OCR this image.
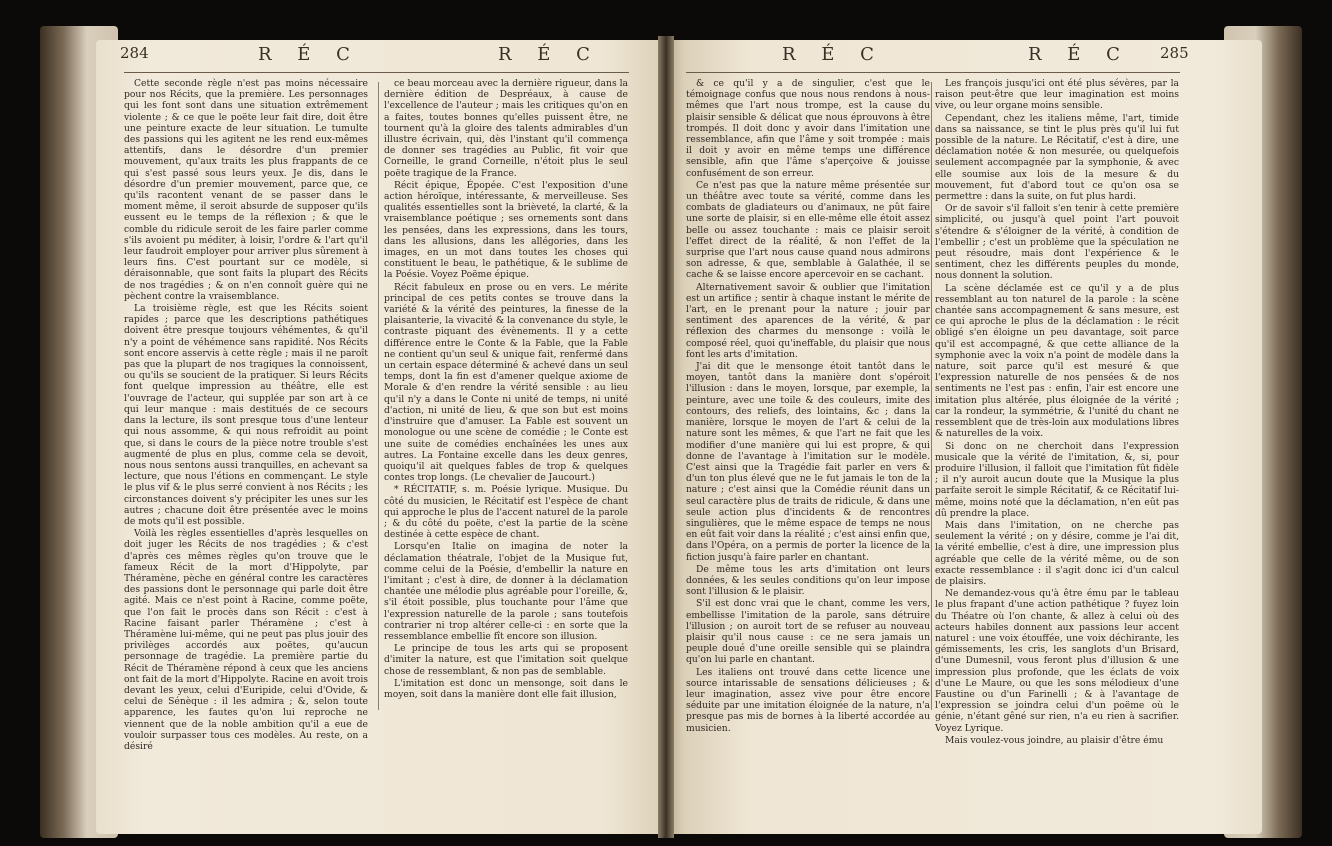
284	R É C	R É C	R É C	R É C 285

Cette seconde règle n'est pas moins nécessaire pour nos Récits, que la première. Les personnages qui les font sont dans une situation extrêmement violente ; & ce que le poëte leur fait dire, doit être une peinture exacte de leur situation. Le tumulte des passions qui les agitent ne les rend eux-mêmes attentifs, dans le désordre d'un premier mouvement, qu'aux traits les plus frappants de ce qui s'est passé sous leurs yeux. Je dis, dans le désordre d'un premier mouvement, parce que, ce qu'ils racontent venant de se passer dans le moment même, il seroit absurde de supposer qu'ils eussent eu le temps de la réflexion ; & que le comble du ridicule seroit de les faire parler comme s'ils avoient pu méditer, à loisir, l'ordre & l'art qu'il leur faudroit employer pour arriver plus sûrement à leurs fins. C'est pourtant sur ce modèle, si déraisonnable, que sont faits la plupart des Récits de nos tragédies ; & on n'en connoît guère qui ne pèchent contre la vraisemblance.

La troisième règle, est que les Récits soient rapides ; parce que les descriptions pathétiques doivent être presque toujours véhémentes, & qu'il n'y a point de véhémence sans rapidité. Nos Récits sont encore asservis à cette règle ; mais il ne paroît pas que la plupart de nos tragiques la connoissent, ou qu'ils se soucient de la pratiquer. Si leurs Récits font quelque impression au théâtre, elle est l'ouvrage de l'acteur, qui supplée par son art à ce qui leur manque : mais destitués de ce secours dans la lecture, ils sont presque tous d'une lenteur qui nous assomme, & qui nous refroidit au point que, si dans le cours de la pièce notre trouble s'est augmenté de plus en plus, comme cela se devoit, nous nous sentons aussi tranquilles, en achevant sa lecture, que nous l'étions en commençant. Le style le plus vif & le plus serré convient à nos Récits ; les circonstances doivent s'y précipiter les unes sur les autres ; chacune doit être présentée avec le moins de mots qu'il est possible.

Voilà les règles essentielles d'après lesquelles on doit juger les Récits de nos tragédies ; & c'est d'après ces mêmes règles qu'on trouve que le fameux Récit de la mort d'Hippolyte, par Théramène, pèche en général contre les caractères des passions dont le personnage qui parle doit être agité. Mais ce n'est point à Racine, comme poëte, que l'on fait le procès dans son Récit : c'est à Racine faisant parler Théramène ; c'est à Théramène lui-même, qui ne peut pas plus jouir des privilèges accordés aux poëtes, qu'aucun personnage de tragédie. La première partie du Récit de Théramène répond à ceux que les anciens ont fait de la mort d'Hippolyte. Racine en avoit trois devant les yeux, celui d'Euripide, celui d'Ovide, & celui de Sénèque : il les admira ; &, selon toute apparence, les fautes qu'on lui reproche ne viennent que de la noble ambition qu'il a eue de vouloir surpasser tous ces modèles. Au reste, on a désiré

ce beau morceau avec la dernière rigueur, dans la dernière édition de Despréaux, à cause de l'excellence de l'auteur ; mais les critiques qu'on en a faites, toutes bonnes qu'elles puissent être, ne tournent qu'à la gloire des talents admirables d'un illustre écrivain, qui, dès l'instant qu'il commença de donner ses tragédies au Public, fit voir que Corneille, le grand Corneille, n'étoit plus le seul poëte tragique de la France.

Récit épique, Épopée. C'est l'exposition d'une action héroïque, intéressante, & merveilleuse. Ses qualités essentielles sont la brièveté, la clarté, & la vraisemblance poétique ; ses ornements sont dans les pensées, dans les expressions, dans les tours, dans les allusions, dans les allégories, dans les images, en un mot dans toutes les choses qui constituent le beau, le pathétique, & le sublime de la Poésie. Voyez Poëme épique.

Récit fabuleux en prose ou en vers. Le mérite principal de ces petits contes se trouve dans la variété & la vérité des peintures, la finesse de la plaisanterie, la vivacité & la convenance du style, le contraste piquant des évènements. Il y a cette différence entre le Conte & la Fable, que la Fable ne contient qu'un seul & unique fait, renfermé dans un certain espace déterminé & achevé dans un seul temps, dont la fin est d'amener quelque axiome de Morale & d'en rendre la vérité sensible : au lieu qu'il n'y a dans le Conte ni unité de temps, ni unité d'action, ni unité de lieu, & que son but est moins d'instruire que d'amuser. La Fable est souvent un monologue ou une scène de comédie ; le Conte est une suite de comédies enchaînées les unes aux autres. La Fontaine excelle dans les deux genres, quoiqu'il ait quelques fables de trop & quelques contes trop longs. (Le chevalier de Jaucourt.)

* RÉCITATIF, s. m. Poésie lyrique. Musique. Du côté du musicien, le Récitatif est l'espèce de chant qui approche le plus de l'accent naturel de la parole ; & du côté du poëte, c'est la partie de la scène destinée à cette espèce de chant.

Lorsqu'en Italie on imagina de noter la déclamation théatrale, l'objet de la Musique fut, comme celui de la Poésie, d'embellir la nature en l'imitant ; c'est à dire, de donner à la déclamation chantée une mélodie plus agréable pour l'oreille, &, s'il étoit possible, plus touchante pour l'âme que l'expression naturelle de la parole ; sans toutefois contrarier ni trop altérer celle-ci : en sorte que la ressemblance embellie fît encore son illusion.

Le principe de tous les arts qui se proposent d'imiter la nature, est que l'imitation soit quelque chose de ressemblant, & non pas de semblable.

L'imitation est donc un mensonge, soit dans le moyen, soit dans la manière dont elle fait illusion,

& ce qu'il y a de singulier, c'est que le témoignage confus que nous nous rendons à nous-mêmes que l'art nous trompe, est la cause du plaisir sensible & délicat que nous éprouvons à être trompés. Il doit donc y avoir dans l'imitation une ressemblance, afin que l'âme y soit trompée : mais il doit y avoir en même temps une différence sensible, afin que l'âme s'aperçoive & jouisse confusément de son erreur.

Ce n'est pas que la nature même présentée sur un théâtre avec toute sa vérité, comme dans les combats de gladiateurs ou d'animaux, ne pût faire une sorte de plaisir, si en elle-même elle étoit assez belle ou assez touchante : mais ce plaisir seroit l'effet direct de la réalité, & non l'effet de la surprise que l'art nous cause quand nous admirons son adresse, & que, semblable à Galathée, il se cache & se laisse encore apercevoir en se cachant.

Alternativement savoir & oublier que l'imitation est un artifice ; sentir à chaque instant le mérite de l'art, en le prenant pour la nature ; jouir par sentiment des aparences de la vérité, & par réflexion des charmes du mensonge : voilà le composé réel, quoi qu'ineffable, du plaisir que nous font les arts d'imitation.

J'ai dit que le mensonge étoit tantôt dans le moyen, tantôt dans la manière dont s'opéroit l'illusion : dans le moyen, lorsque, par exemple, la peinture, avec une toile & des couleurs, imite des contours, des reliefs, des lointains, &c ; dans la manière, lorsque le moyen de l'art & celui de la nature sont les mêmes, & que l'art ne fait que les modifier d'une manière qui lui est propre, & qui donne de l'avantage à l'imitation sur le modèle. C'est ainsi que la Tragédie fait parler en vers & d'un ton plus élevé que ne le fut jamais le ton de la nature ; c'est ainsi que la Comédie réunit dans un seul caractère plus de traits de ridicule, & dans une seule action plus d'incidents & de rencontres singulières, que le même espace de temps ne nous en eût fait voir dans la réalité ; c'est ainsi enfin que, dans l'Opéra, on a permis de porter la licence de la fiction jusqu'à faire parler en chantant.

De même tous les arts d'imitation ont leurs données, & les seules conditions qu'on leur impose sont l'illusion & le plaisir.

S'il est donc vrai que le chant, comme les vers, embellisse l'imitation de la parole, sans détruire l'illusion ; on auroit tort de se refuser au nouveau plaisir qu'il nous cause : ce ne sera jamais un peuple doué d'une oreille sensible qui se plaindra qu'on lui parle en chantant.

Les italiens ont trouvé dans cette licence une source intarissable de sensations délicieuses ; & leur imagination, assez vive pour être encore séduite par une imitation éloignée de la nature, n'a presque pas mis de bornes à la liberté accordée au musicien.

Les françois jusqu'ici ont été plus sévères, par la raison peut-être que leur imagination est moins vive, ou leur organe moins sensible.

Cependant, chez les italiens même, l'art, timide dans sa naissance, se tint le plus près qu'il lui fut possible de la nature. Le Récitatif, c'est à dire, une déclamation notée & non mesurée, ou quelquefois seulement accompagnée par la symphonie, & avec elle soumise aux lois de la mesure & du mouvement, fut d'abord tout ce qu'on osa se permettre : dans la suite, on fut plus hardi.

Or de savoir s'il falloit s'en tenir à cette première simplicité, ou jusqu'à quel point l'art pouvoit s'étendre & s'éloigner de la vérité, à condition de l'embellir ; c'est un problème que la spéculation ne peut résoudre, mais dont l'expérience & le sentiment, chez les différents peuples du monde, nous donnent la solution.

La scène déclamée est ce qu'il y a de plus ressemblant au ton naturel de la parole : la scène chantée sans accompagnement & sans mesure, est ce qui aproche le plus de la déclamation : le récit obligé s'en éloigne un peu davantage, soit parce qu'il est accompagné, & que cette alliance de la symphonie avec la voix n'a point de modèle dans la nature, soit parce qu'il est mesuré & que l'expression naturelle de nos pensées & de nos sentiments ne l'est pas : enfin, l'air est encore une imitation plus altérée, plus éloignée de la vérité ; car la rondeur, la symmétrie, & l'unité du chant ne ressemblent que de très-loin aux modulations libres & naturelles de la voix.

Si donc on ne cherchoit dans l'expression musicale que la vérité de l'imitation, &, si, pour produire l'illusion, il falloit que l'imitation fût fidèle ; il n'y auroit aucun doute que la Musique la plus parfaite seroit le simple Récitatif, & ce Récitatif lui-même, moins noté que la déclamation, n'en eût pas dû prendre la place.

Mais dans l'imitation, on ne cherche pas seulement la vérité ; on y désire, comme je l'ai dit, la vérité embellie, c'est à dire, une impression plus agréable que celle de la vérité même, ou de son exacte ressemblance : il s'agit donc ici d'un calcul de plaisirs.

Ne demandez-vous qu'à être ému par le tableau le plus frapant d'une action pathétique ? fuyez loin du Théatre où l'on chante, & allez à celui où des acteurs habiles donnent aux passions leur accent naturel : une voix étouffée, une voix déchirante, les gémissements, les cris, les sanglots d'un Brisard, d'une Dumesnil, vous feront plus d'illusion & une impression plus profonde, que les éclats de voix d'une Le Maure, ou que les sons mélodieux d'une Faustine ou d'un Farinelli ; & à l'avantage de l'expression se joindra celui d'un poëme où le génie, n'étant gêné sur rien, n'a eu rien à sacrifier. Voyez Lyrique.

Mais voulez-vous joindre, au plaisir d'être ému
